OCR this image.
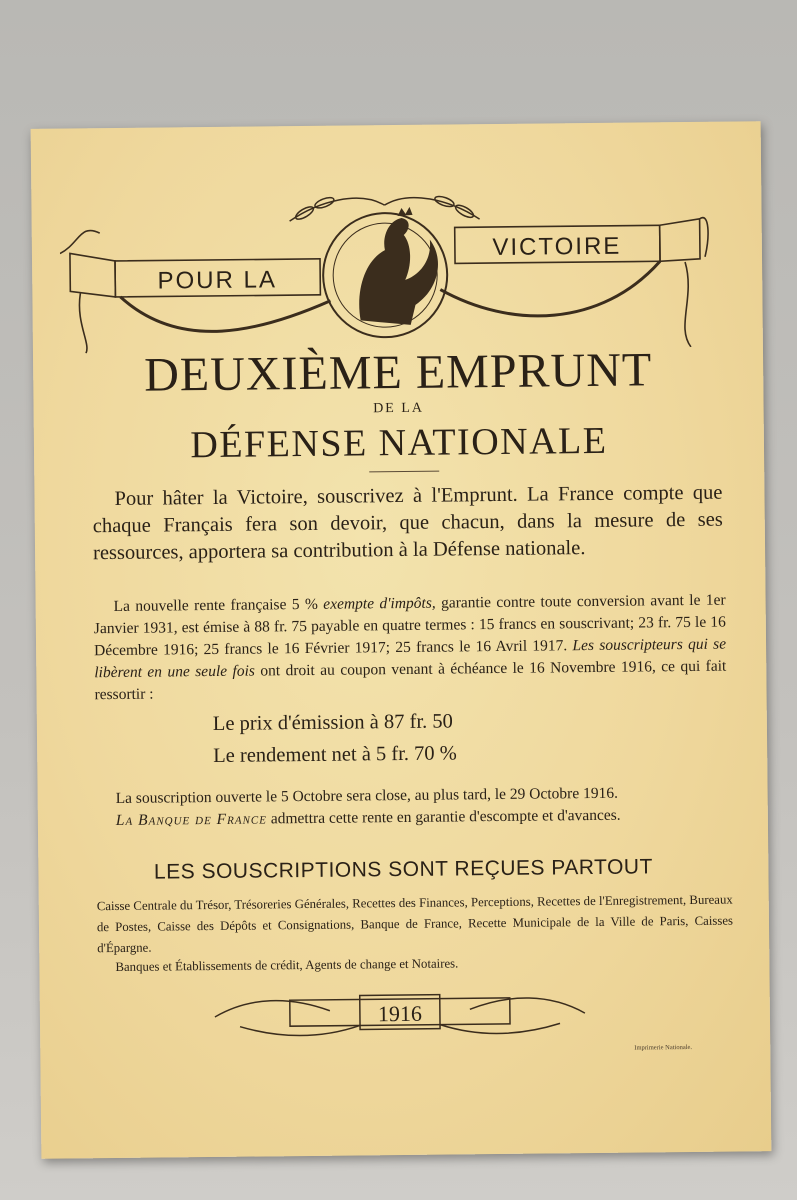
POUR LA
VICTOIRE
DEUXIÈME EMPRUNT
DE LA
DÉFENSE NATIONALE
Pour hâter la Victoire, souscrivez à l'Emprunt. La France compte que chaque Français fera son devoir, que chacun, dans la mesure de ses ressources, apportera sa contribution à la Défense nationale.
La nouvelle rente française 5 % exempte d'impôts, garantie contre toute conversion avant le 1er Janvier 1931, est émise à 88 fr. 75 payable en quatre termes : 15 francs en souscrivant; 23 fr. 75 le 16 Décembre 1916; 25 francs le 16 Février 1917; 25 francs le 16 Avril 1917. Les souscripteurs qui se libèrent en une seule fois ont droit au coupon venant à échéance le 16 Novembre 1916, ce qui fait ressortir :
Le prix d'émission à 87 fr. 50
Le rendement net à 5 fr. 70 %
La souscription ouverte le 5 Octobre sera close, au plus tard, le 29 Octobre 1916.
La Banque de France admettra cette rente en garantie d'escompte et d'avances.
LES SOUSCRIPTIONS SONT REÇUES PARTOUT
Caisse Centrale du Trésor, Trésoreries Générales, Recettes des Finances, Perceptions, Recettes de l'Enregistrement, Bureaux de Postes, Caisse des Dépôts et Consignations, Banque de France, Recette Municipale de la Ville de Paris, Caisses d'Épargne.
Banques et Établissements de crédit, Agents de change et Notaires.
1916
Imprimerie Nationale.
